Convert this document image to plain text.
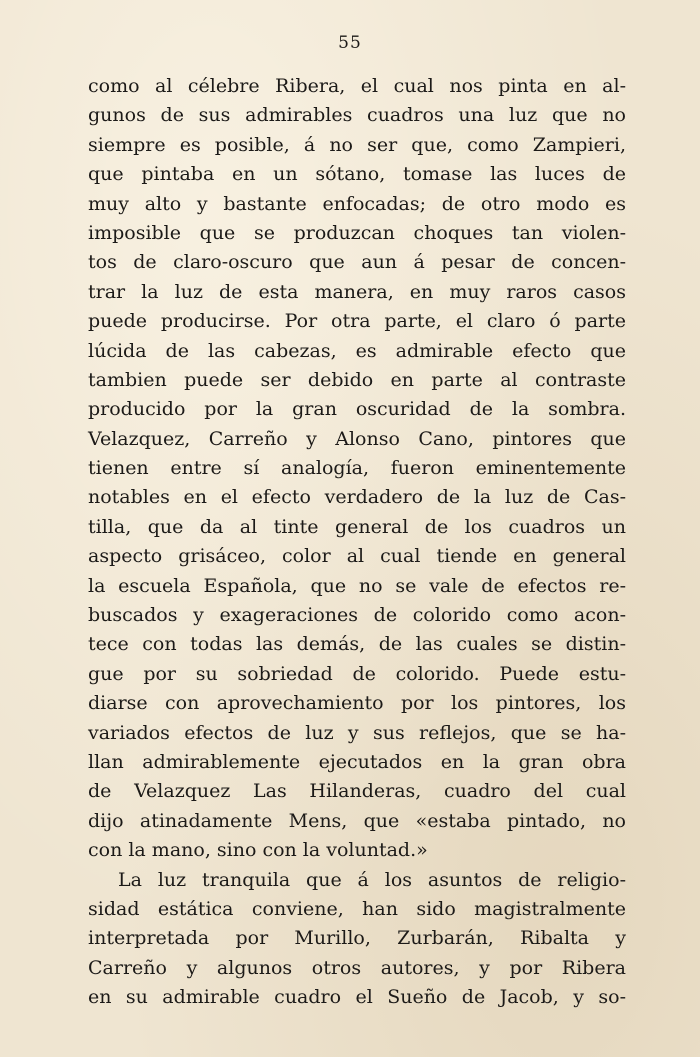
55
como al célebre Ribera, el cual nos pinta en al-
gunos de sus admirables cuadros una luz que no
siempre es posible, á no ser que, como Zampieri,
que pintaba en un sótano, tomase las luces de
muy alto y bastante enfocadas; de otro modo es
imposible que se produzcan choques tan violen-
tos de claro-oscuro que aun á pesar de concen-
trar la luz de esta manera, en muy raros casos
puede producirse. Por otra parte, el claro ó parte
lúcida de las cabezas, es admirable efecto que
tambien puede ser debido en parte al contraste
producido por la gran oscuridad de la sombra.
Velazquez, Carreño y Alonso Cano, pintores que
tienen entre sí analogía, fueron eminentemente
notables en el efecto verdadero de la luz de Cas-
tilla, que da al tinte general de los cuadros un
aspecto grisáceo, color al cual tiende en general
la escuela Española, que no se vale de efectos re-
buscados y exageraciones de colorido como acon-
tece con todas las demás, de las cuales se distin-
gue por su sobriedad de colorido. Puede estu-
diarse con aprovechamiento por los pintores, los
variados efectos de luz y sus reflejos, que se ha-
llan admirablemente ejecutados en la gran obra
de Velazquez Las Hilanderas, cuadro del cual
dijo atinadamente Mens, que «estaba pintado, no
con la mano, sino con la voluntad.»
La luz tranquila que á los asuntos de religio-
sidad estática conviene, han sido magistralmente
interpretada por Murillo, Zurbarán, Ribalta y
Carreño y algunos otros autores, y por Ribera
en su admirable cuadro el Sueño de Jacob, y so-
